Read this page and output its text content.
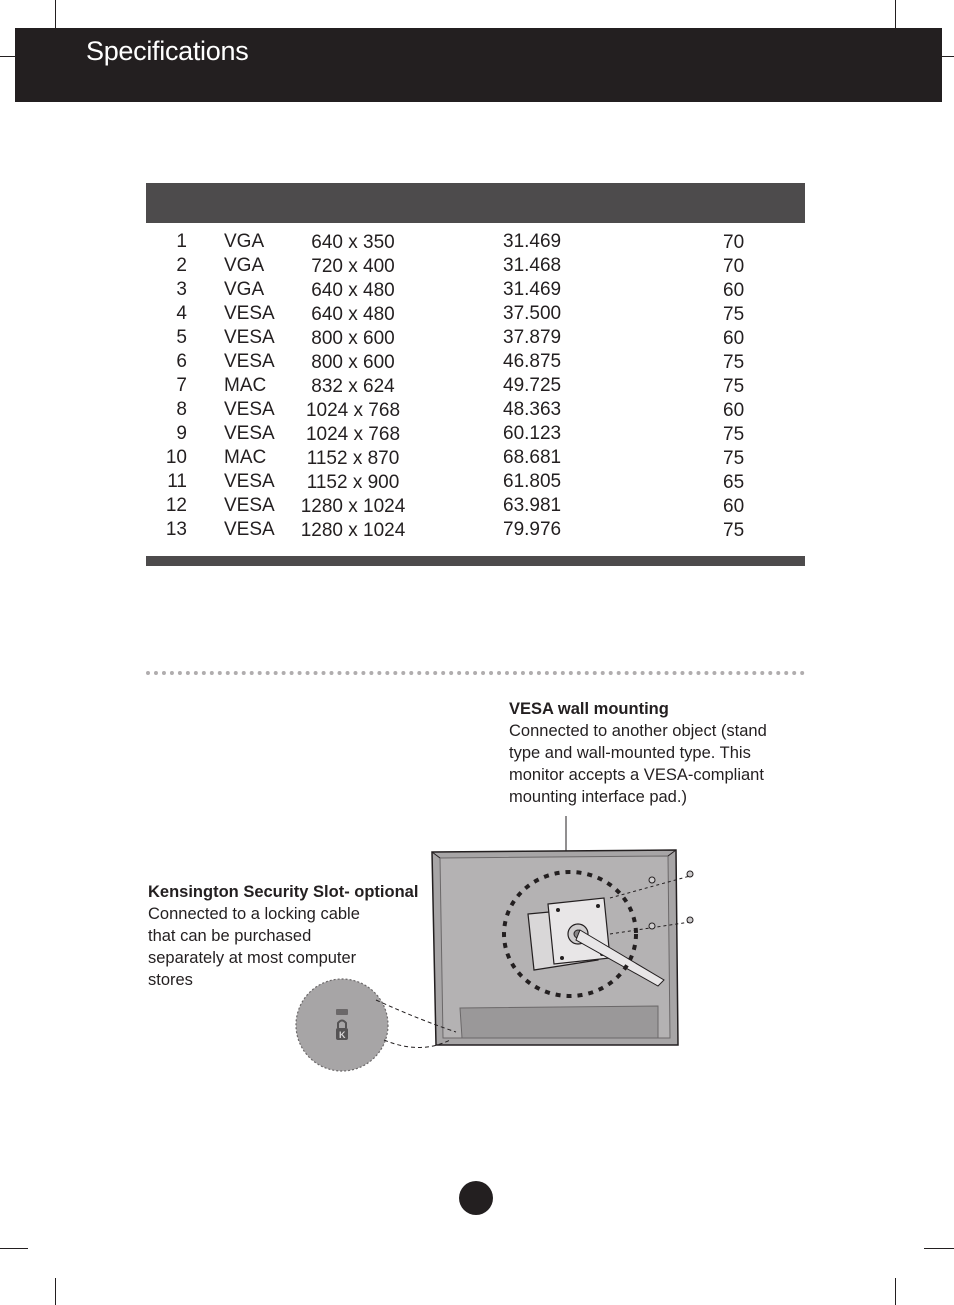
Specifications
1 VGA	640 x 350	31.469	70
2 VGA	720 x 400	31.468	70
3 VGA	640 x 480	31.469	60
4 VESA	640 x 480	37.500	75
5 VESA	800 x 600	37.879	60
6 VESA	800 x 600	46.875	75
7 MAC	832 x 624	49.725	75
8 VESA	1024 x 768	48.363	60
9 VESA	1024 x 768	60.123	75
10 MAC	1152 x 870	68.681	75
11 VESA	1152 x 900	61.805	65
12 VESA	1280 x 1024	63.981	60
13 VESA	1280 x 1024	79.976	75
VESA wall mounting
Connected to another object (stand type and wall-mounted type. This monitor accepts a VESA-compliant mounting interface pad.)
Kensington Security Slot- optional
Connected to a locking cable that can be purchased separately at most computer stores
K
